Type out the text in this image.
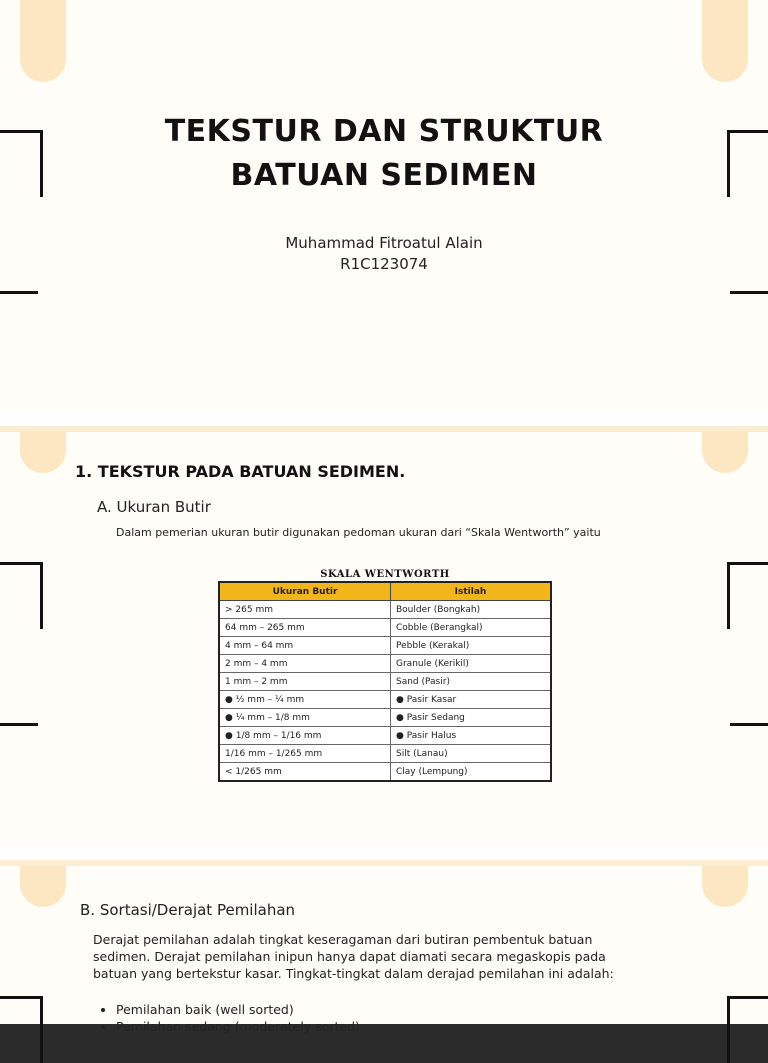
TEKSTUR DAN STRUKTUR
BATUAN SEDIMEN
Muhammad Fitroatul Alain
R1C123074
1. TEKSTUR PADA BATUAN SEDIMEN.
A. Ukuran Butir
Dalam pemerian ukuran butir digunakan pedoman ukuran dari “Skala Wentworth” yaitu
SKALA WENTWORTH
Ukuran Butir	Istilah
> 265 mm	Boulder (Bongkah)
64 mm – 265 mm	Cobble (Berangkal)
4 mm – 64 mm	Pebble (Kerakal)
2 mm – 4 mm	Granule (Kerikil)
1 mm – 2 mm	Sand (Pasir)
● ½ mm – ¼ mm	● Pasir Kasar
● ¼ mm – 1/8 mm	● Pasir Sedang
● 1/8 mm – 1/16 mm	● Pasir Halus
1/16 mm – 1/265 mm	Silt (Lanau)
< 1/265 mm	Clay (Lempung)
B. Sortasi/Derajat Pemilahan
Derajat pemilahan adalah tingkat keseragaman dari butiran pembentuk batuan sedimen. Derajat pemilahan inipun hanya dapat diamati secara megaskopis pada batuan yang bertekstur kasar. Tingkat-tingkat dalam derajad pemilahan ini adalah:
• Pemilahan baik (well sorted)
• Pemilahan sedang (moderately sorted)
